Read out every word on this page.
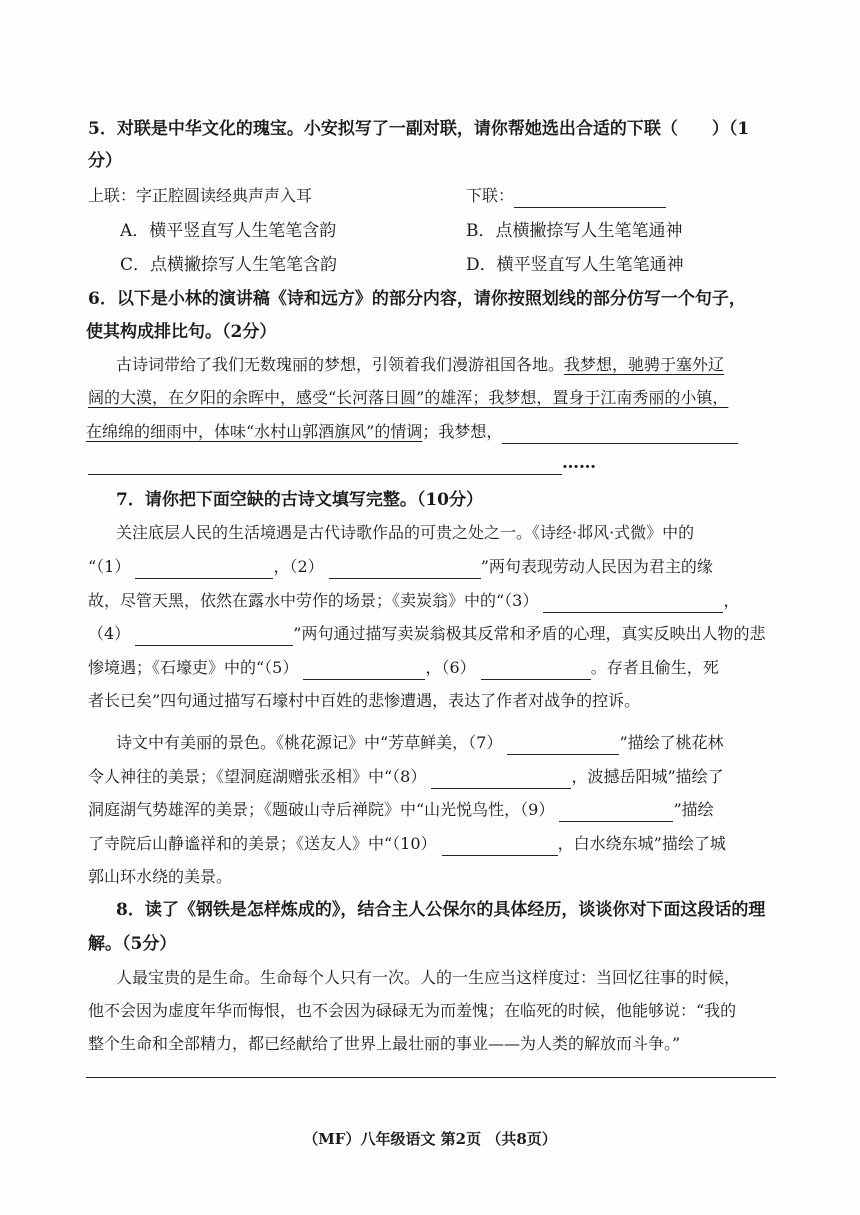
5．对联是中华文化的瑰宝。小安拟写了一副对联，请你帮她选出合适的下联（　　）（1
分）
上联：字正腔圆读经典声声入耳	下联：
A．横平竖直写人生笔笔含韵	B．点横撇捺写人生笔笔通神
C．点横撇捺写人生笔笔含韵	D．横平竖直写人生笔笔通神
6．以下是小林的演讲稿《诗和远方》的部分内容，请你按照划线的部分仿写一个句子，
使其构成排比句。（2分）
古诗词带给了我们无数瑰丽的梦想，引领着我们漫游祖国各地。我梦想，驰骋于塞外辽
阔的大漠，在夕阳的余晖中，感受“长河落日圆”的雄浑；我梦想，置身于江南秀丽的小镇，
在绵绵的细雨中，体味“水村山郭酒旗风”的情调；我梦想，
……
7．请你把下面空缺的古诗文填写完整。（10分）
关注底层人民的生活境遇是古代诗歌作品的可贵之处之一。《诗经·邶风·式微》中的
“（1）	，（2）	”两句表现劳动人民因为君主的缘
故，尽管天黑，依然在露水中劳作的场景；《卖炭翁》中的“（3）	，
（4）	”两句通过描写卖炭翁极其反常和矛盾的心理，真实反映出人物的悲
惨境遇；《石壕吏》中的“（5）	，（6）	。存者且偷生，死
者长已矣”四句通过描写石壕村中百姓的悲惨遭遇，表达了作者对战争的控诉。
诗文中有美丽的景色。《桃花源记》中“芳草鲜美，（7）	”描绘了桃花林
令人神往的美景；《望洞庭湖赠张丞相》中“（8）	，波撼岳阳城”描绘了
洞庭湖气势雄浑的美景；《题破山寺后禅院》中“山光悦鸟性，（9）	”描绘
了寺院后山静谧祥和的美景；《送友人》中“（10）	，白水绕东城”描绘了城
郭山环水绕的美景。
8．读了《钢铁是怎样炼成的》，结合主人公保尔的具体经历，谈谈你对下面这段话的理
解。（5分）
人最宝贵的是生命。生命每个人只有一次。人的一生应当这样度过：当回忆往事的时候，
他不会因为虚度年华而悔恨，也不会因为碌碌无为而羞愧；在临死的时候，他能够说：“我的
整个生命和全部精力，都已经献给了世界上最壮丽的事业——为人类的解放而斗争。”
（MF）八年级语文 第2页 （共8页）
